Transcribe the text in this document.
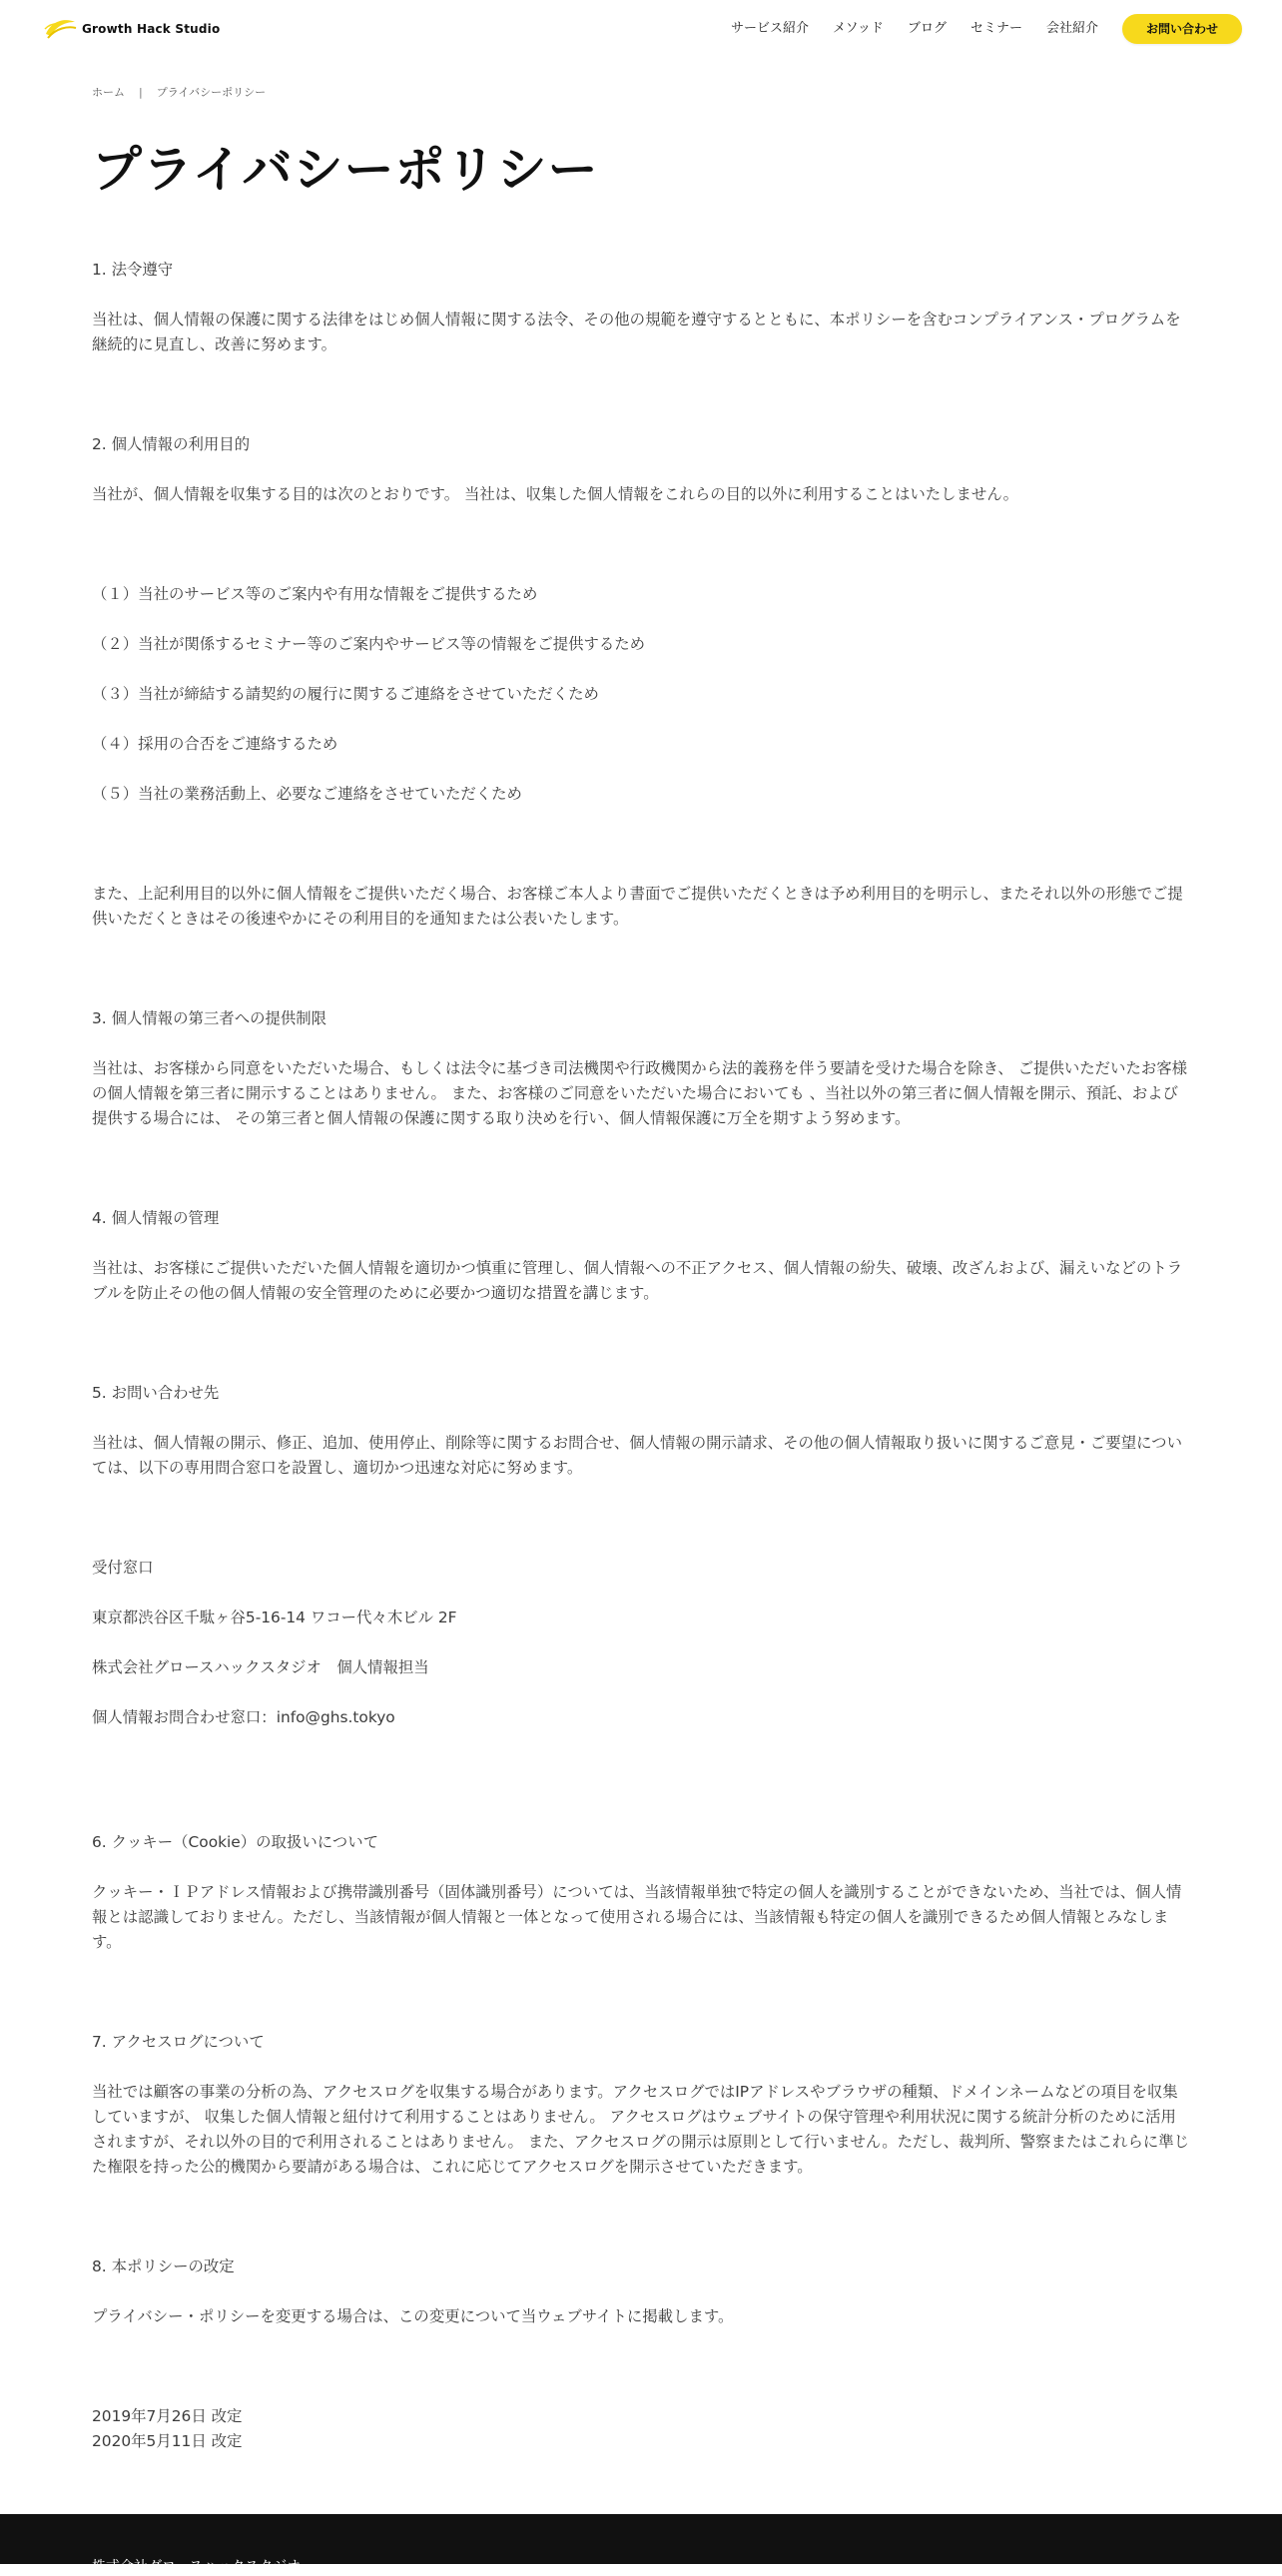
Growth Hack Studio	サービス紹介 メソッド ブログ セミナー 会社紹介	お問い合わせ
ホーム | プライバシーポリシー
プライバシーポリシー

1. 法令遵守

当社は、個人情報の保護に関する法律をはじめ個人情報に関する法令、その他の規範を遵守するとともに、本ポリシーを含むコンプライアンス・プログラムを継続的に見直し、改善に努めます。

2. 個人情報の利用目的

当社が、個人情報を収集する目的は次のとおりです。 当社は、収集した個人情報をこれらの目的以外に利用することはいたしません。

（１）当社のサービス等のご案内や有用な情報をご提供するため

（２）当社が関係するセミナー等のご案内やサービス等の情報をご提供するため

（３）当社が締結する請契約の履行に関するご連絡をさせていただくため

（４）採用の合否をご連絡するため

（５）当社の業務活動上、必要なご連絡をさせていただくため

また、上記利用目的以外に個人情報をご提供いただく場合、お客様ご本人より書面でご提供いただくときは予め利用目的を明示し、またそれ以外の形態でご提供いただくときはその後速やかにその利用目的を通知または公表いたします。

3. 個人情報の第三者への提供制限

当社は、お客様から同意をいただいた場合、もしくは法令に基づき司法機関や行政機関から法的義務を伴う要請を受けた場合を除き、 ご提供いただいたお客様の個人情報を第三者に開示することはありません。 また、お客様のご同意をいただいた場合においても 、当社以外の第三者に個人情報を開示、預託、および提供する場合には、 その第三者と個人情報の保護に関する取り決めを行い、個人情報保護に万全を期すよう努めます。

4. 個人情報の管理

当社は、お客様にご提供いただいた個人情報を適切かつ慎重に管理し、個人情報への不正アクセス、個人情報の紛失、破壊、改ざんおよび、漏えいなどのトラブルを防止その他の個人情報の安全管理のために必要かつ適切な措置を講じます。

5. お問い合わせ先

当社は、個人情報の開示、修正、追加、使用停止、削除等に関するお問合せ、個人情報の開示請求、その他の個人情報取り扱いに関するご意見・ご要望については、以下の専用問合窓口を設置し、適切かつ迅速な対応に努めます。

受付窓口

東京都渋谷区千駄ヶ谷5-16-14 ワコー代々木ビル 2F

株式会社グロースハックスタジオ　個人情報担当

個人情報お問合わせ窓口：info@ghs.tokyo

6. クッキー（Cookie）の取扱いについて

クッキー・ＩＰアドレス情報および携帯識別番号（固体識別番号）については、当該情報単独で特定の個人を識別することができないため、当社では、個人情報とは認識しておりません。ただし、当該情報が個人情報と一体となって使用される場合には、当該情報も特定の個人を識別できるため個人情報とみなします。

7. アクセスログについて

当社では顧客の事業の分析の為、アクセスログを収集する場合があります。アクセスログではIPアドレスやブラウザの種類、ドメインネームなどの項目を収集していますが、 収集した個人情報と紐付けて利用することはありません。 アクセスログはウェブサイトの保守管理や利用状況に関する統計分析のために活用されますが、それ以外の目的で利用されることはありません。 また、アクセスログの開示は原則として行いません。ただし、裁判所、警察またはこれらに準じた権限を持った公的機関から要請がある場合は、これに応じてアクセスログを開示させていただきます。

8. 本ポリシーの改定

プライバシー・ポリシーを変更する場合は、この変更について当ウェブサイトに掲載します。

2019年7月26日 改定

2020年5月11日 改定

株式会社グロースハックスタジオ
